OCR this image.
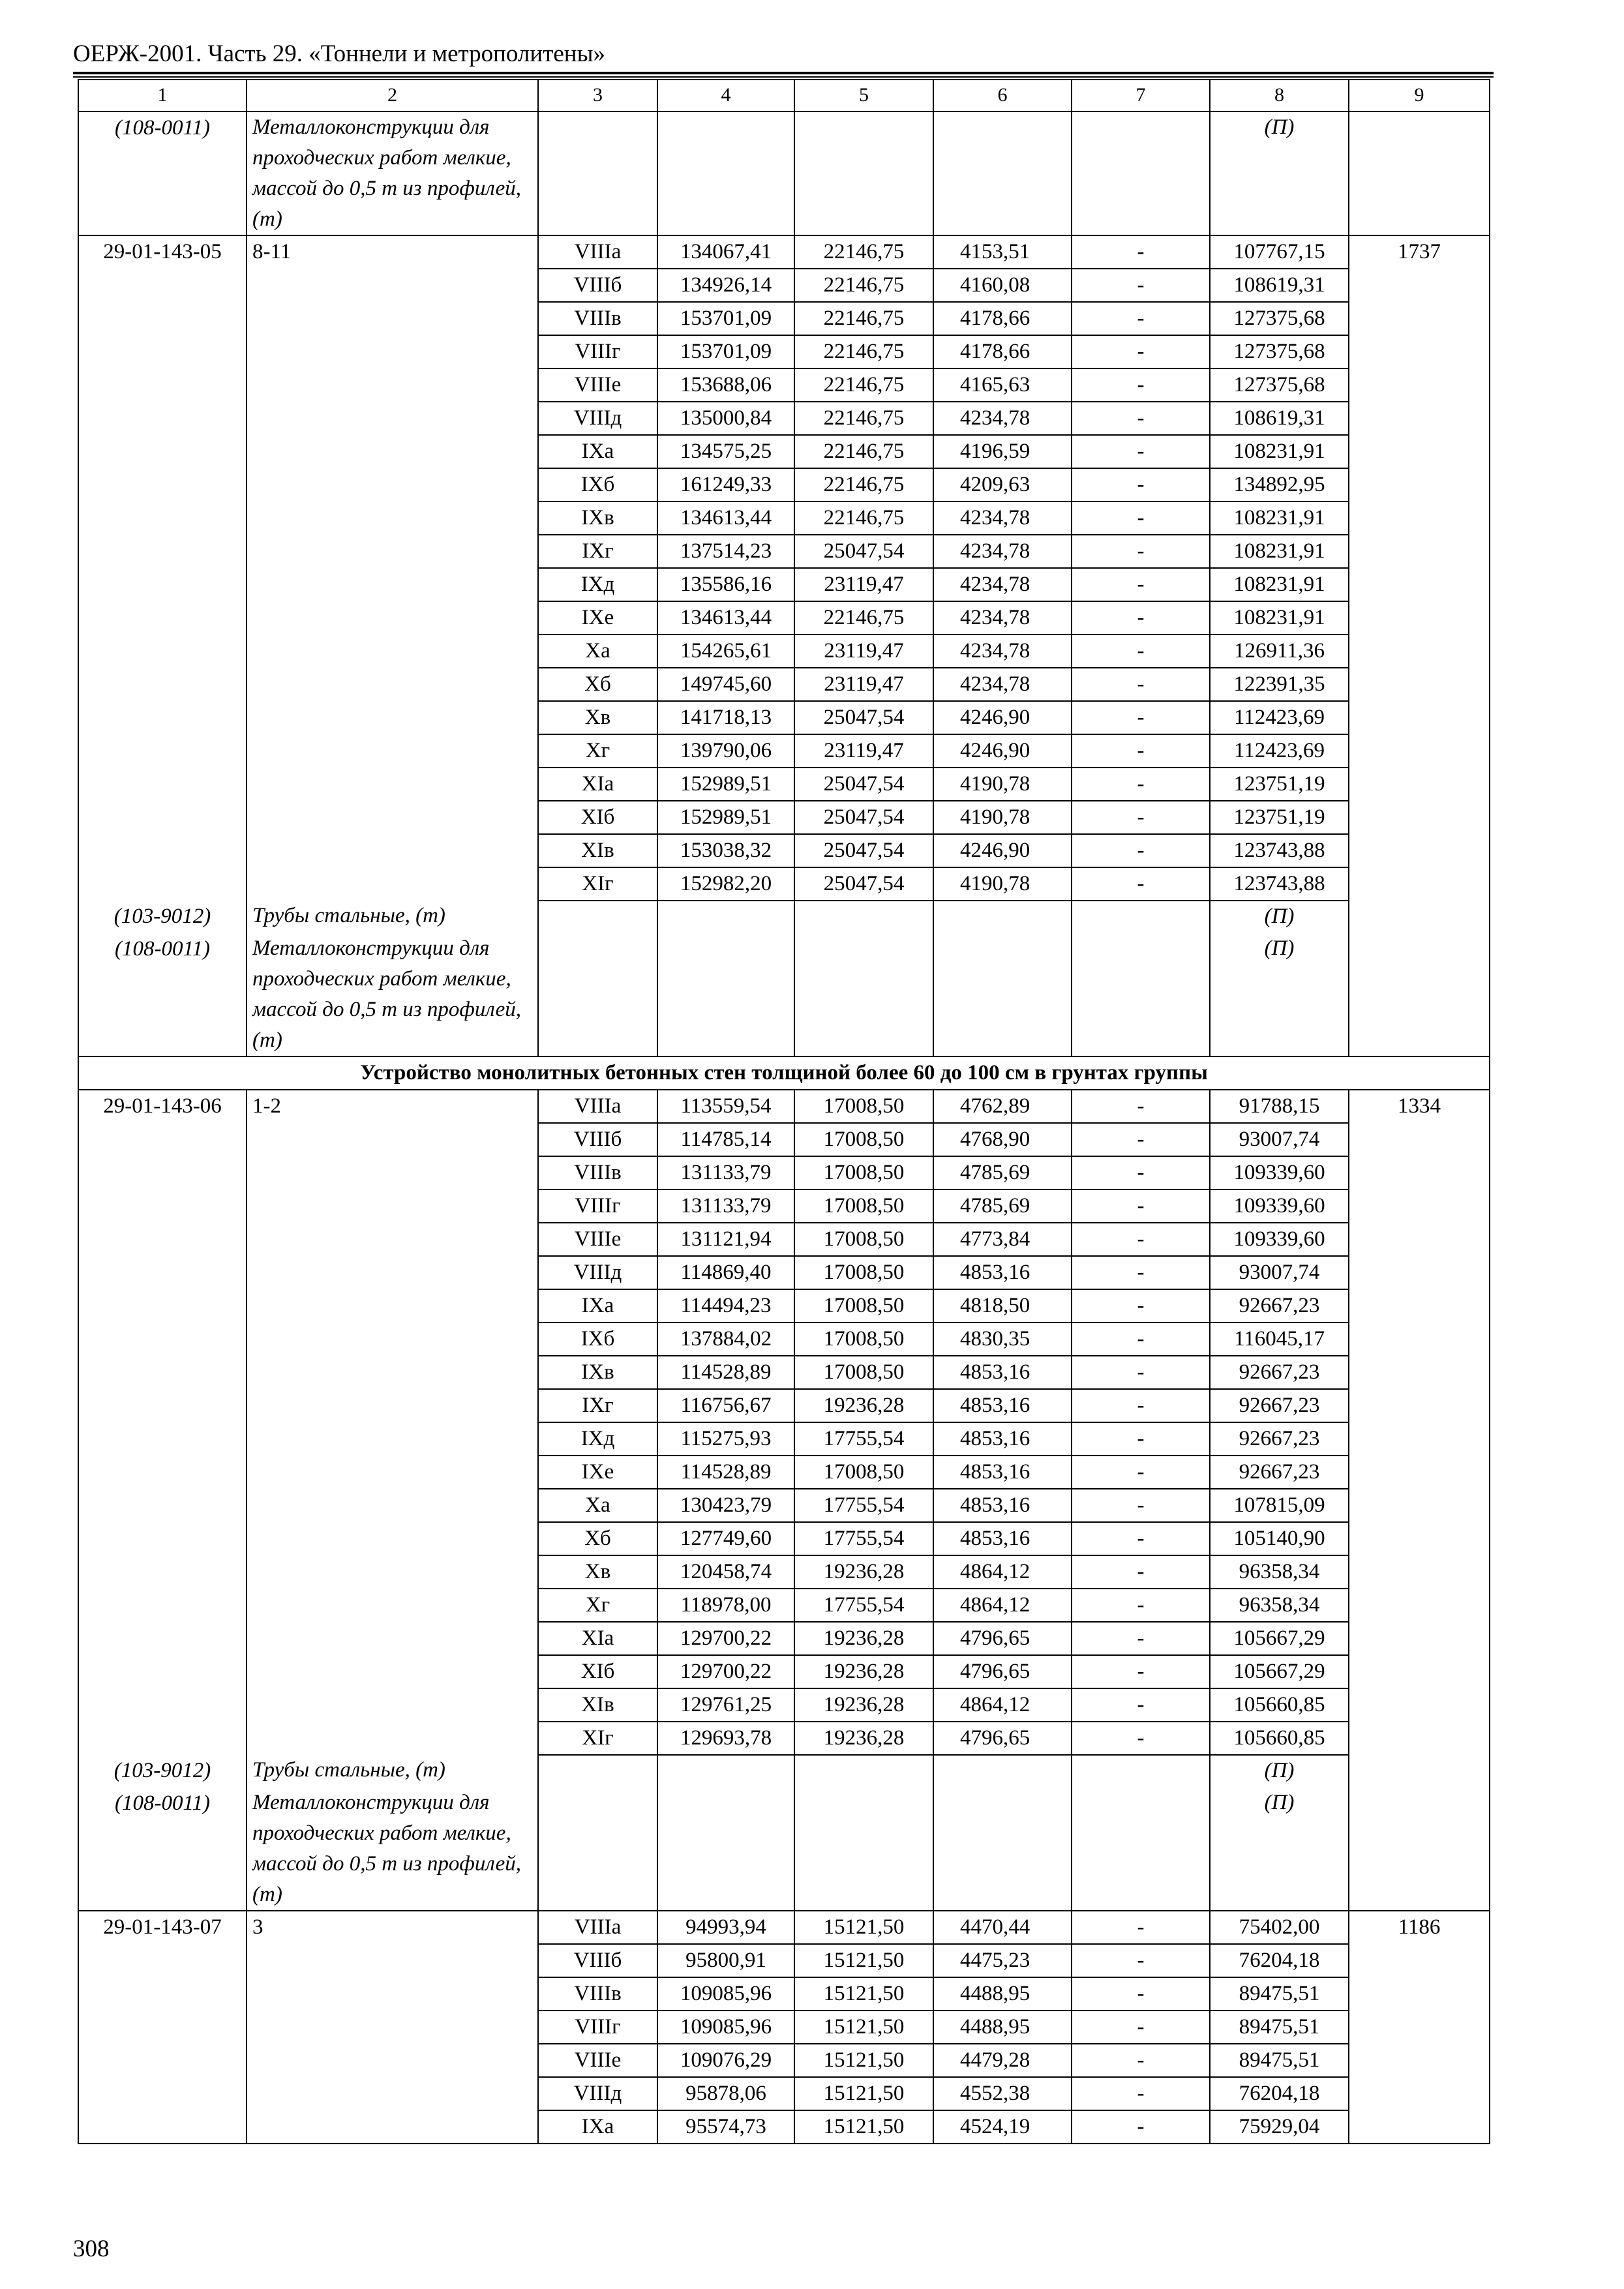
ОЕРЖ-2001. Часть 29. «Тоннели и метрополитены»
1	2	3	4	5	6	7	8	9
(108-0011)	Металлоконструкции для проходческих работ мелкие, массой до 0,5 т из профилей, (т)						(П)	
29-01-143-05	8-11	VIIIа	134067,41	22146,75	4153,51	-	107767,15	1737
		VIIIб	134926,14	22146,75	4160,08	-	108619,31	
		VIIIв	153701,09	22146,75	4178,66	-	127375,68	
		VIIIг	153701,09	22146,75	4178,66	-	127375,68	
		VIIIе	153688,06	22146,75	4165,63	-	127375,68	
		VIIIд	135000,84	22146,75	4234,78	-	108619,31	
		IXа	134575,25	22146,75	4196,59	-	108231,91	
		IXб	161249,33	22146,75	4209,63	-	134892,95	
		IXв	134613,44	22146,75	4234,78	-	108231,91	
		IXг	137514,23	25047,54	4234,78	-	108231,91	
		IXд	135586,16	23119,47	4234,78	-	108231,91	
		IXе	134613,44	22146,75	4234,78	-	108231,91	
		Xа	154265,61	23119,47	4234,78	-	126911,36	
		Xб	149745,60	23119,47	4234,78	-	122391,35	
		Xв	141718,13	25047,54	4246,90	-	112423,69	
		Xг	139790,06	23119,47	4246,90	-	112423,69	
		XIа	152989,51	25047,54	4190,78	-	123751,19	
		XIб	152989,51	25047,54	4190,78	-	123751,19	
		XIв	153038,32	25047,54	4246,90	-	123743,88	
		XIг	152982,20	25047,54	4190,78	-	123743,88	
(103-9012)	Трубы стальные, (т)						(П)	
(108-0011)	Металлоконструкции для проходческих работ мелкие, массой до 0,5 т из профилей, (т)						(П)	
Устройство монолитных бетонных стен толщиной более 60 до 100 см в грунтах группы								
29-01-143-06	1-2	VIIIа	113559,54	17008,50	4762,89	-	91788,15	1334
		VIIIб	114785,14	17008,50	4768,90	-	93007,74	
		VIIIв	131133,79	17008,50	4785,69	-	109339,60	
		VIIIг	131133,79	17008,50	4785,69	-	109339,60	
		VIIIе	131121,94	17008,50	4773,84	-	109339,60	
		VIIIд	114869,40	17008,50	4853,16	-	93007,74	
		IXа	114494,23	17008,50	4818,50	-	92667,23	
		IXб	137884,02	17008,50	4830,35	-	116045,17	
		IXв	114528,89	17008,50	4853,16	-	92667,23	
		IXг	116756,67	19236,28	4853,16	-	92667,23	
		IXд	115275,93	17755,54	4853,16	-	92667,23	
		IXе	114528,89	17008,50	4853,16	-	92667,23	
		Xа	130423,79	17755,54	4853,16	-	107815,09	
		Xб	127749,60	17755,54	4853,16	-	105140,90	
		Xв	120458,74	19236,28	4864,12	-	96358,34	
		Xг	118978,00	17755,54	4864,12	-	96358,34	
		XIа	129700,22	19236,28	4796,65	-	105667,29	
		XIб	129700,22	19236,28	4796,65	-	105667,29	
		XIв	129761,25	19236,28	4864,12	-	105660,85	
		XIг	129693,78	19236,28	4796,65	-	105660,85	
(103-9012)	Трубы стальные, (т)						(П)	
(108-0011)	Металлоконструкции для проходческих работ мелкие, массой до 0,5 т из профилей, (т)						(П)	
29-01-143-07	3	VIIIа	94993,94	15121,50	4470,44	-	75402,00	1186
		VIIIб	95800,91	15121,50	4475,23	-	76204,18	
		VIIIв	109085,96	15121,50	4488,95	-	89475,51	
		VIIIг	109085,96	15121,50	4488,95	-	89475,51	
		VIIIе	109076,29	15121,50	4479,28	-	89475,51	
		VIIIд	95878,06	15121,50	4552,38	-	76204,18	
		IXа	95574,73	15121,50	4524,19	-	75929,04	
308
